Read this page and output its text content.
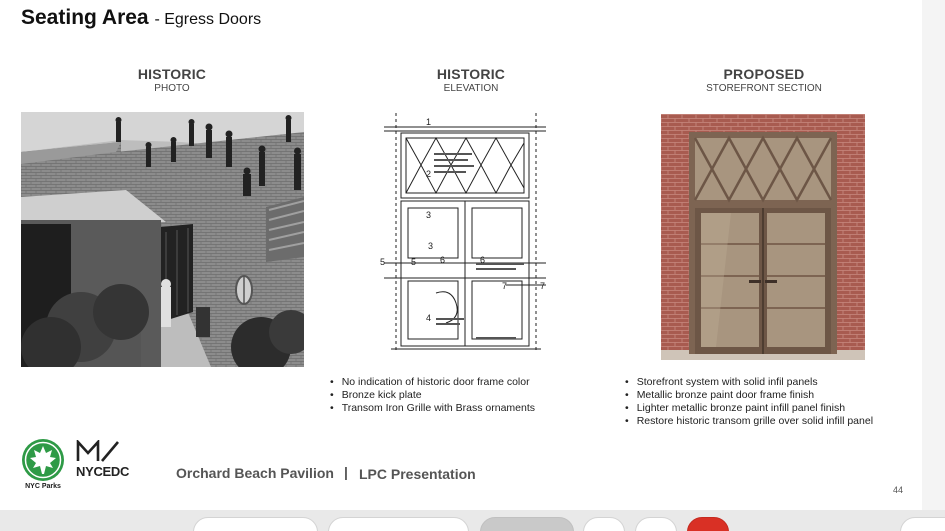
Seating Area - Egress Doors
HISTORIC
PHOTO
HISTORIC
ELEVATION
PROPOSED
STOREFRONT SECTION
1
2
3
4
5	6	6
7
5
3
7
• No indication of historic door frame color
• Bronze kick plate
• Transom Iron Grille with Brass ornaments
• Storefront system with solid infil panels
• Metallic bronze paint door frame finish
• Lighter metallic bronze paint infill panel finish
• Restore historic transom grille over solid infill panel
NYC Parks
NYCEDC	Orchard Beach Pavilion | LPC Presentation
44
